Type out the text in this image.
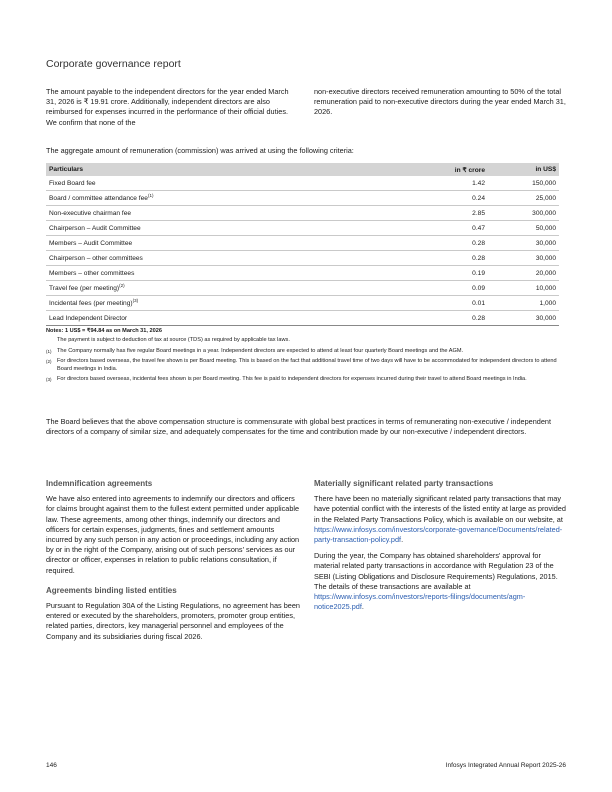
Corporate governance report
The amount payable to the independent directors for the year ended March 31, 2026 is ₹ 19.91 crore. Additionally, independent directors are also reimbursed for expenses incurred in the performance of their official duties. We confirm that none of the
non-executive directors received remuneration amounting to 50% of the total remuneration paid to non-executive directors during the year ended March 31, 2026.
The aggregate amount of remuneration (commission) was arrived at using the following criteria:
Particulars	in ₹ crore	in US$
Fixed Board fee	1.42	150,000
Board / committee attendance fee$^{(1)}$	0.24	25,000
Non-executive chairman fee	2.85	300,000
Chairperson – Audit Committee	0.47	50,000
Members – Audit Committee	0.28	30,000
Chairperson – other committees	0.28	30,000
Members – other committees	0.19	20,000
Travel fee (per meeting)$^{(2)}$	0.09	10,000
Incidental fees (per meeting)$^{(3)}$	0.01	1,000
Lead Independent Director	0.28	30,000
Notes: 1 US$ = ₹94.84 as on March 31, 2026
The payment is subject to deduction of tax at source (TDS) as required by applicable tax laws.
(1) The Company normally has five regular Board meetings in a year. Independent directors are expected to attend at least four quarterly Board meetings and the AGM.
(2) For directors based overseas, the travel fee shown is per Board meeting. This is based on the fact that additional travel time of two days will have to be accommodated for independent directors to attend Board meetings in India.
(3) For directors based overseas, incidental fees shown is per Board meeting. This fee is paid to independent directors for expenses incurred during their travel to attend Board meetings in India.
The Board believes that the above compensation structure is commensurate with global best practices in terms of remunerating non-executive / independent directors of a company of similar size, and adequately compensates for the time and contribution made by our non-executive / independent directors.
Indemnification agreements

We have also entered into agreements to indemnify our directors and officers for claims brought against them to the fullest extent permitted under applicable law. These agreements, among other things, indemnify our directors and officers for certain expenses, judgments, fines and settlement amounts incurred by any such person in any action or proceedings, including any action by or in the right of the Company, arising out of such persons' services as our director or officer, expenses in relation to public relations consultation, if required.

Agreements binding listed entities

Pursuant to Regulation 30A of the Listing Regulations, no agreement has been entered or executed by the shareholders, promoters, promoter group entities, related parties, directors, key managerial personnel and employees of the Company and its subsidiaries during fiscal 2026.

Materially significant related party transactions

There have been no materially significant related party transactions that may have potential conflict with the interests of the listed entity at large as provided in the Related Party Transactions Policy, which is available on our website, at https://www.infosys.com/investors/corporate-governance/Documents/related-party-transaction-policy.pdf.

During the year, the Company has obtained shareholders' approval for material related party transactions in accordance with Regulation 23 of the SEBI (Listing Obligations and Disclosure Requirements) Regulations, 2015. The details of these transactions are available at https://www.infosys.com/investors/reports-filings/documents/agm-notice2025.pdf.

146	Infosys Integrated Annual Report 2025-26
